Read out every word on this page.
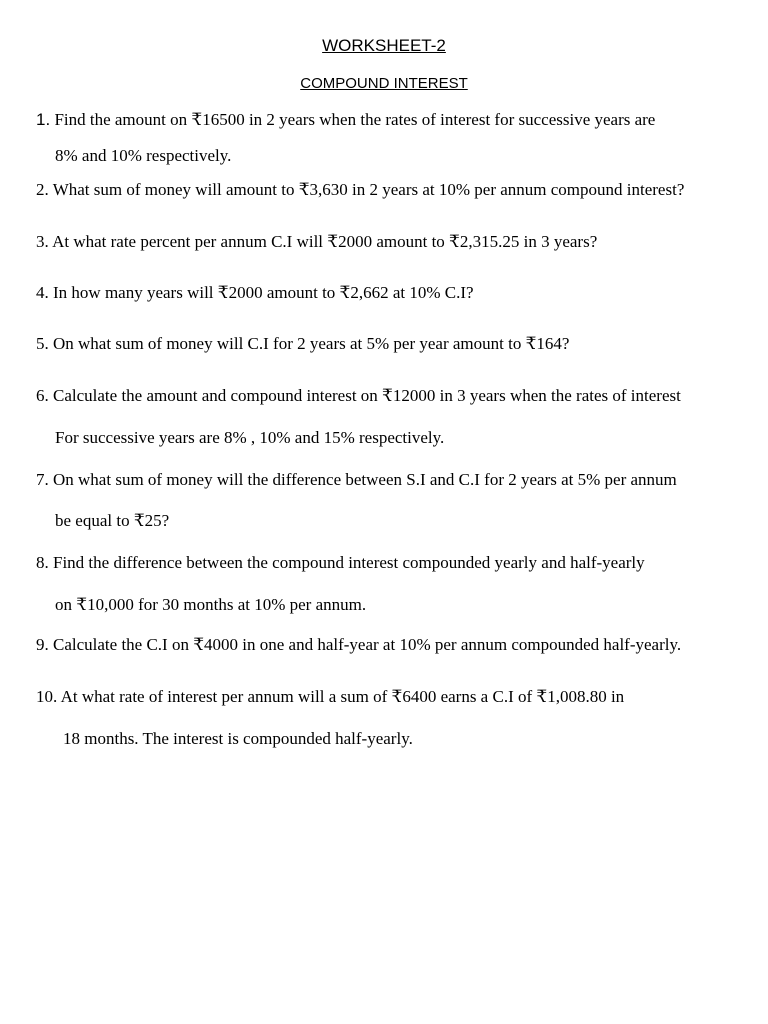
WORKSHEET-2
COMPOUND INTEREST
1. Find the amount on ₹16500 in 2 years when the rates of interest for successive years are
8% and 10% respectively.
2. What sum of money will amount to ₹3,630 in 2 years at 10% per annum compound interest?
3. At what rate percent per annum C.I will ₹2000 amount to ₹2,315.25 in 3 years?
4. In how many years will ₹2000 amount to ₹2,662 at 10% C.I?
5. On what sum of money will C.I for 2 years at 5% per year amount to ₹164?
6. Calculate the amount and compound interest on ₹12000 in 3 years when the rates of interest
For successive years are 8% , 10% and 15% respectively.
7. On what sum of money will the difference between S.I and C.I for 2 years at 5% per annum
be equal to ₹25?
8. Find the difference between the compound interest compounded yearly and half-yearly
on ₹10,000 for 30 months at 10% per annum.
9. Calculate the C.I on ₹4000 in one and half-year at 10% per annum compounded half-yearly.
10. At what rate of interest per annum will a sum of ₹6400 earns a C.I of ₹1,008.80 in
18 months. The interest is compounded half-yearly.
